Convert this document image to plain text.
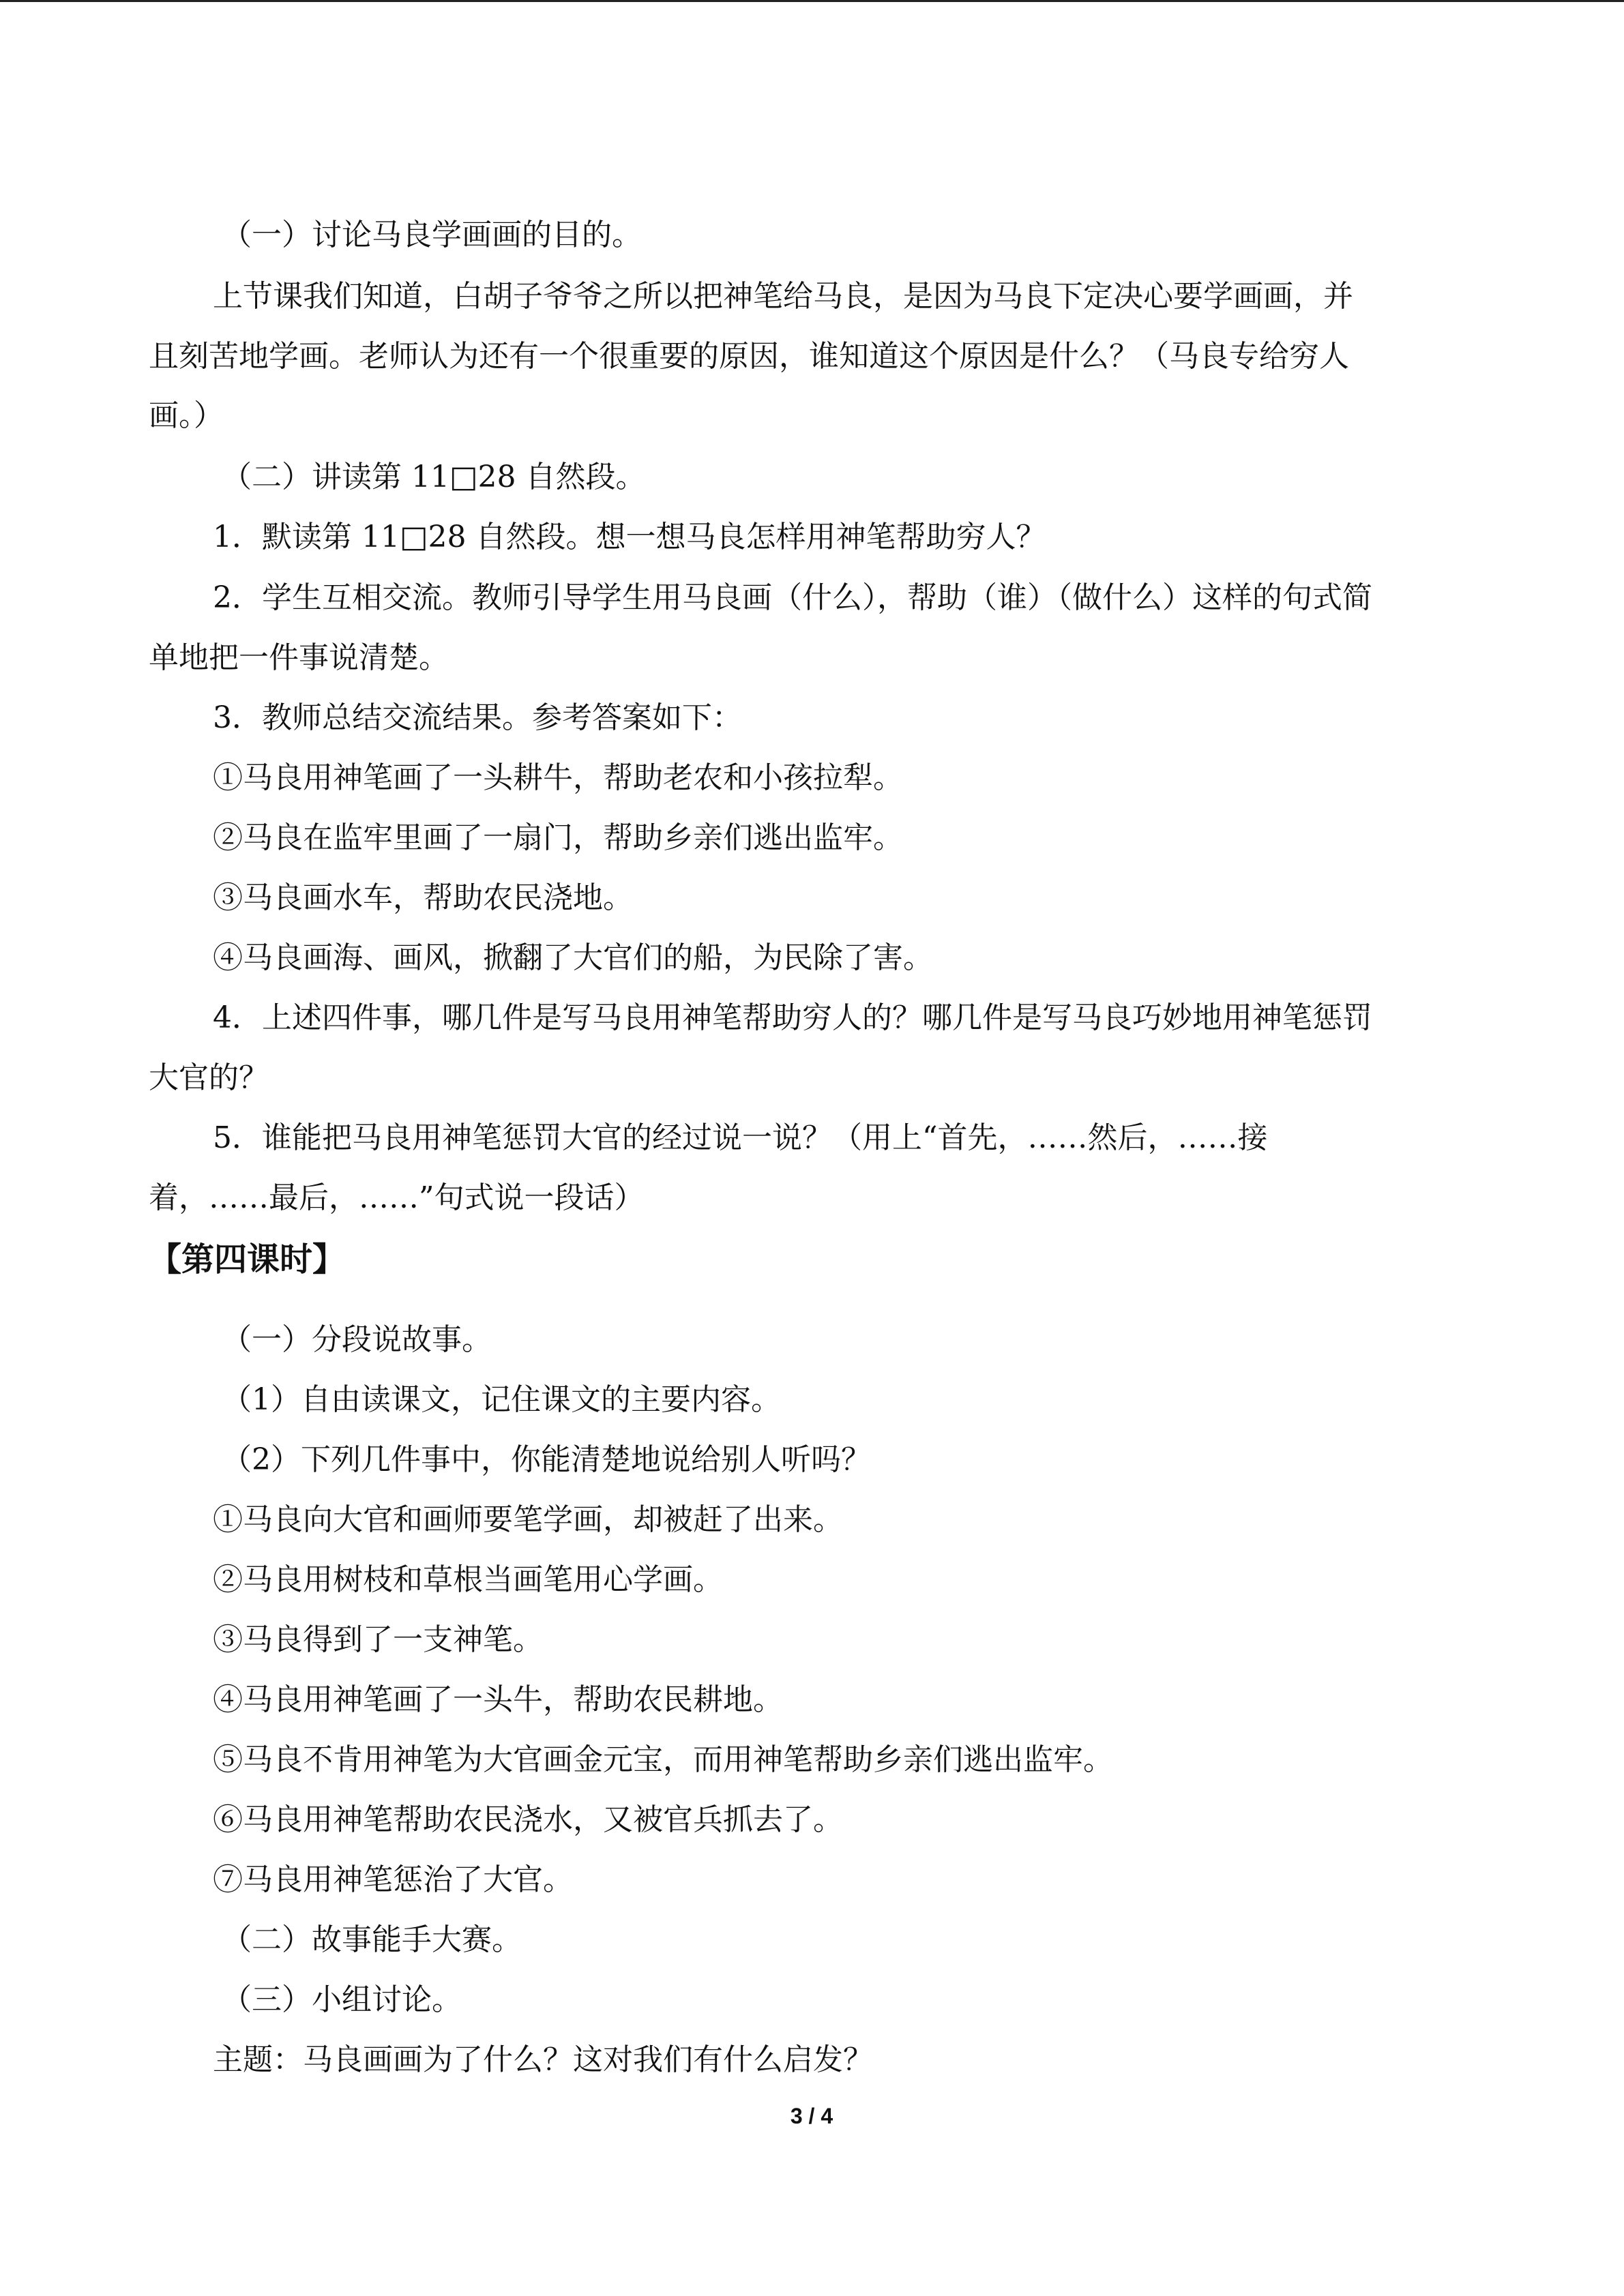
（一）讨论马良学画画的目的。
上节课我们知道，白胡子爷爷之所以把神笔给马良，是因为马良下定决心要学画画，并
且刻苦地学画。老师认为还有一个很重要的原因，谁知道这个原因是什么？（马良专给穷人
画。）
（二）讲读第 11□28 自然段。
1．默读第 11□28 自然段。想一想马良怎样用神笔帮助穷人？
2．学生互相交流。教师引导学生用马良画（什么），帮助（谁）（做什么）这样的句式简
单地把一件事说清楚。
3．教师总结交流结果。参考答案如下：
①马良用神笔画了一头耕牛，帮助老农和小孩拉犁。
②马良在监牢里画了一扇门，帮助乡亲们逃出监牢。
③马良画水车，帮助农民浇地。
④马良画海、画风，掀翻了大官们的船，为民除了害。
4．上述四件事，哪几件是写马良用神笔帮助穷人的？哪几件是写马良巧妙地用神笔惩罚
大官的？
5．谁能把马良用神笔惩罚大官的经过说一说？（用上“首先，……然后，……接
着，……最后，……”句式说一段话）
【第四课时】
（一）分段说故事。
（1）自由读课文，记住课文的主要内容。
（2）下列几件事中，你能清楚地说给别人听吗？
①马良向大官和画师要笔学画，却被赶了出来。
②马良用树枝和草根当画笔用心学画。
③马良得到了一支神笔。
④马良用神笔画了一头牛，帮助农民耕地。
⑤马良不肯用神笔为大官画金元宝，而用神笔帮助乡亲们逃出监牢。
⑥马良用神笔帮助农民浇水，又被官兵抓去了。
⑦马良用神笔惩治了大官。
（二）故事能手大赛。
（三）小组讨论。
主题：马良画画为了什么？这对我们有什么启发？
3 / 4
